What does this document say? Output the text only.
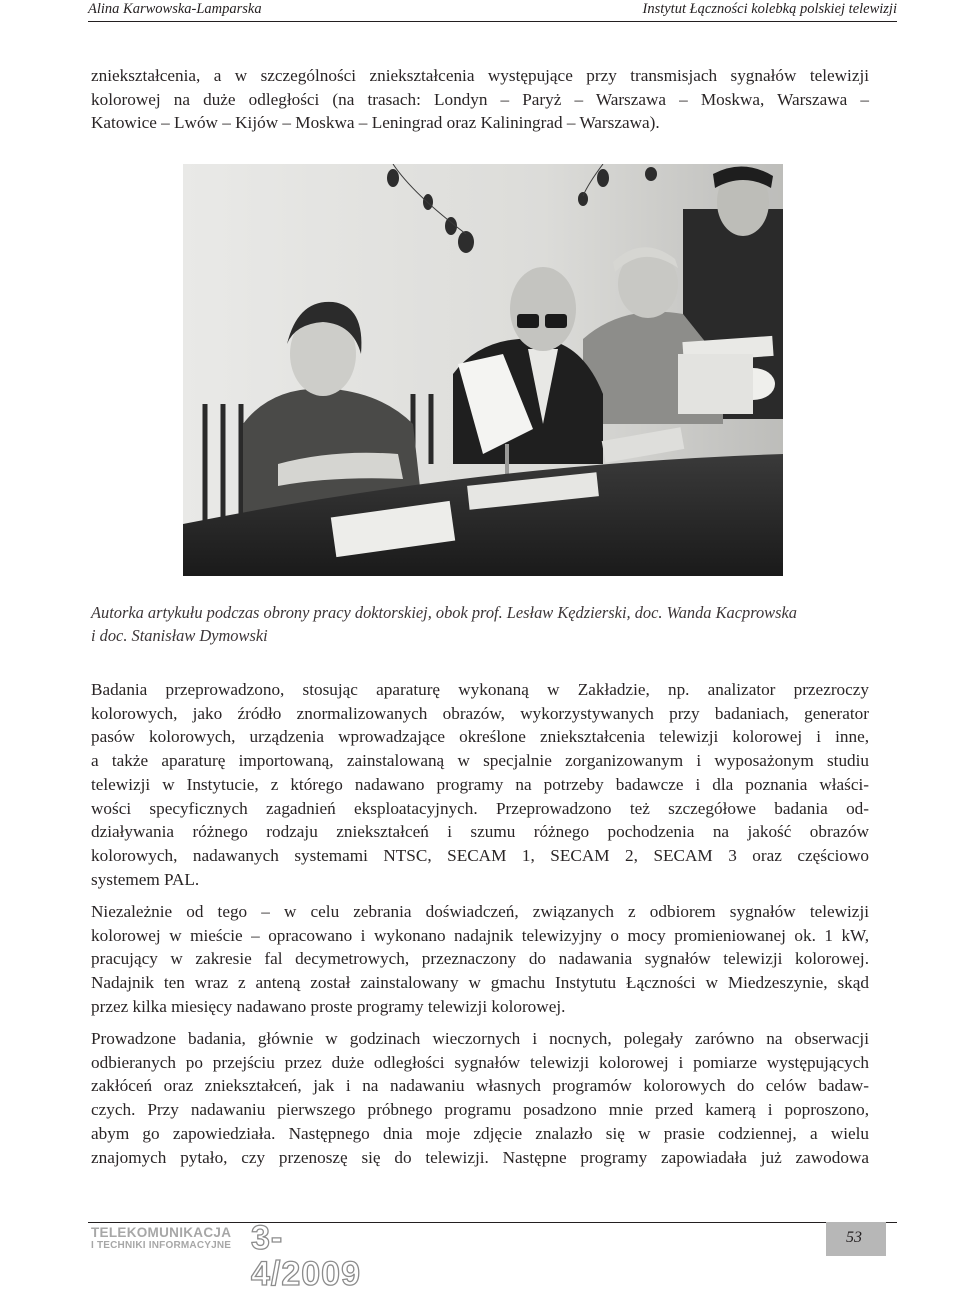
Alina Karwowska-Lamparska	Instytut Łączności kolebką polskiej telewizji

zniekształcenia, a w szczególności zniekształcenia występujące przy transmisjach sygnałów telewizji
kolorowej na duże odległości (na trasach: Londyn – Paryż – Warszawa – Moskwa, Warszawa –
Katowice – Lwów – Kijów – Moskwa – Leningrad oraz Kaliningrad – Warszawa).

Autorka artykułu podczas obrony pracy doktorskiej, obok prof. Lesław Kędzierski, doc. Wanda Kacprowska
i doc. Stanisław Dymowski

Badania przeprowadzono, stosując aparaturę wykonaną w Zakładzie, np. analizator przezroczy
kolorowych, jako źródło znormalizowanych obrazów, wykorzystywanych przy badaniach, generator
pasów kolorowych, urządzenia wprowadzające określone zniekształcenia telewizji kolorowej i inne,
a także aparaturę importowaną, zainstalowaną w specjalnie zorganizowanym i wyposażonym studiu
telewizji w Instytucie, z którego nadawano programy na potrzeby badawcze i dla poznania właści-
wości specyficznych zagadnień eksploatacyjnych. Przeprowadzono też szczegółowe badania od-
działywania różnego rodzaju zniekształceń i szumu różnego pochodzenia na jakość obrazów
kolorowych, nadawanych systemami NTSC, SECAM 1, SECAM 2, SECAM 3 oraz częściowo
systemem PAL.

Niezależnie od tego – w celu zebrania doświadczeń, związanych z odbiorem sygnałów telewizji
kolorowej w mieście – opracowano i wykonano nadajnik telewizyjny o mocy promieniowanej ok. 1 kW,
pracujący w zakresie fal decymetrowych, przeznaczony do nadawania sygnałów telewizji kolorowej.
Nadajnik ten wraz z anteną został zainstalowany w gmachu Instytutu Łączności w Miedzeszynie, skąd
przez kilka miesięcy nadawano proste programy telewizji kolorowej.

Prowadzone badania, głównie w godzinach wieczornych i nocnych, polegały zarówno na obserwacji
odbieranych po przejściu przez duże odległości sygnałów telewizji kolorowej i pomiarze występujących
zakłóceń oraz zniekształceń, jak i na nadawaniu własnych programów kolorowych do celów badaw-
czych. Przy nadawaniu pierwszego próbnego programu posadzono mnie przed kamerą i poproszono,
abym go zapowiedziała. Następnego dnia moje zdjęcie znalazło się w prasie codziennej, a wielu
znajomych pytało, czy przenoszę się do telewizji. Następne programy zapowiadała już zawodowa

TELEKOMUNIKACJA
I TECHNIKI INFORMACYJNE 3-4/2009
53
